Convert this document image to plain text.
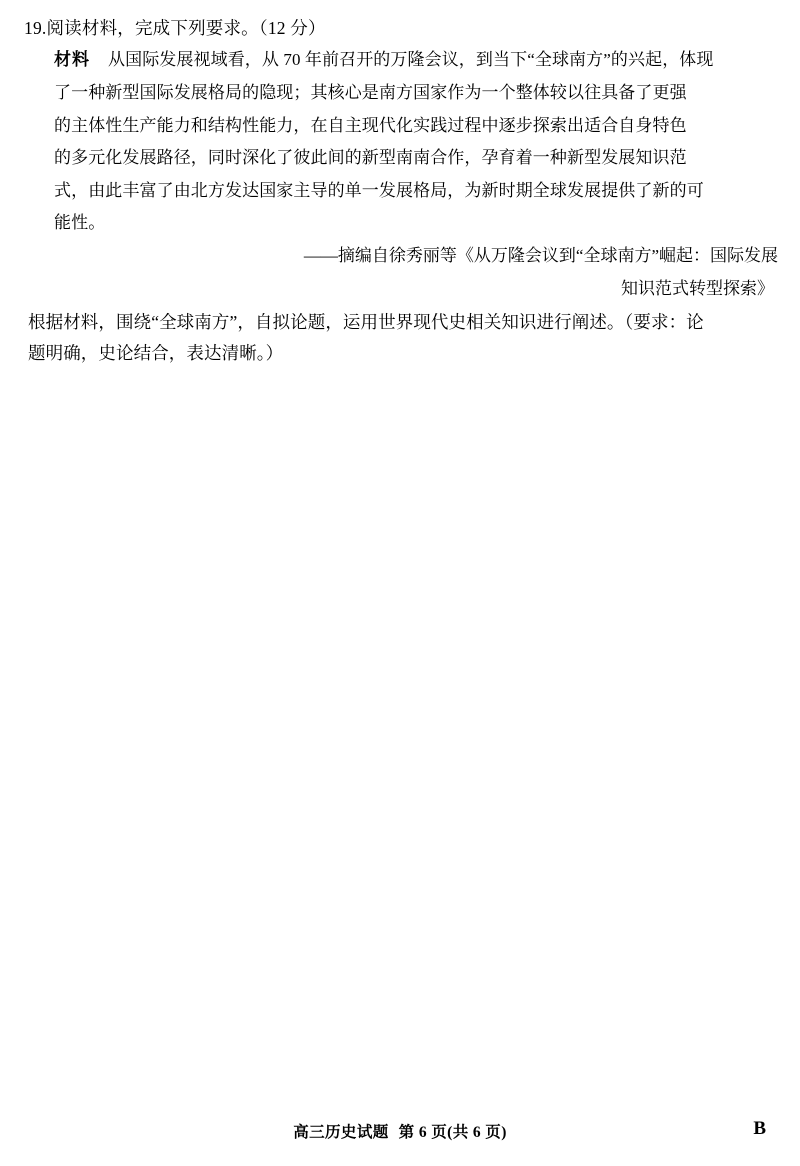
19.阅读材料，完成下列要求。（12 分）
材料 从国际发展视域看，从 70 年前召开的万隆会议，到当下“全球南方”的兴起，体现
了一种新型国际发展格局的隐现；其核心是南方国家作为一个整体较以往具备了更强
的主体性生产能力和结构性能力，在自主现代化实践过程中逐步探索出适合自身特色
的多元化发展路径，同时深化了彼此间的新型南南合作，孕育着一种新型发展知识范
式，由此丰富了由北方发达国家主导的单一发展格局，为新时期全球发展提供了新的可
能性。
——摘编自徐秀丽等《从万隆会议到“全球南方”崛起：国际发展
知识范式转型探索》
根据材料，围绕“全球南方”，自拟论题，运用世界现代史相关知识进行阐述。（要求：论
题明确，史论结合，表达清晰。）
高三历史试题 第 6 页(共 6 页)	B
